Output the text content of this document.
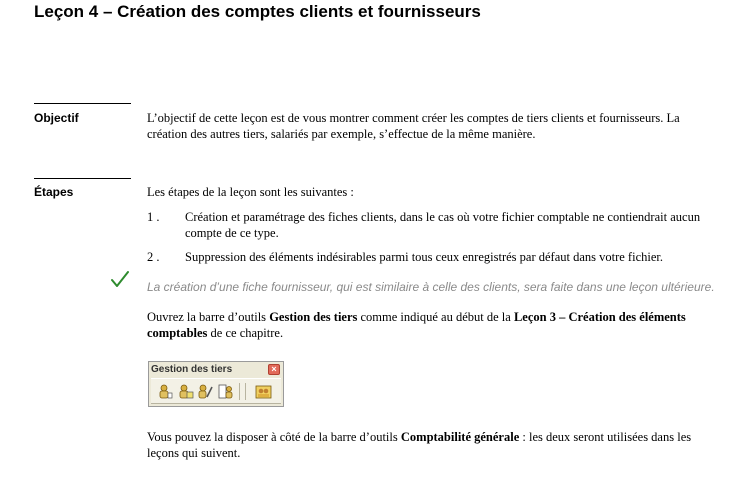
Leçon 4 – Création des comptes clients et fournisseurs
Objectif	L’objectif de cette leçon est de vous montrer comment créer les comptes de tiers clients et fournisseurs. La création des autres tiers, salariés par exemple, s’effectue de la même manière.
Étapes	Les étapes de la leçon sont les suivantes :
1 . Création et paramétrage des fiches clients, dans le cas où votre fichier comptable ne contiendrait aucun compte de ce type.
2 . Suppression des éléments indésirables parmi tous ceux enregistrés par défaut dans votre fichier.
La création d’une fiche fournisseur, qui est similaire à celle des clients, sera faite dans une leçon ultérieure.
Ouvrez la barre d’outils Gestion des tiers comme indiqué au début de la Leçon 3 – Création des éléments comptables de ce chapitre.
Gestion des tiers	×
Vous pouvez la disposer à côté de la barre d’outils Comptabilité générale : les deux seront utilisées dans les leçons qui suivent.
